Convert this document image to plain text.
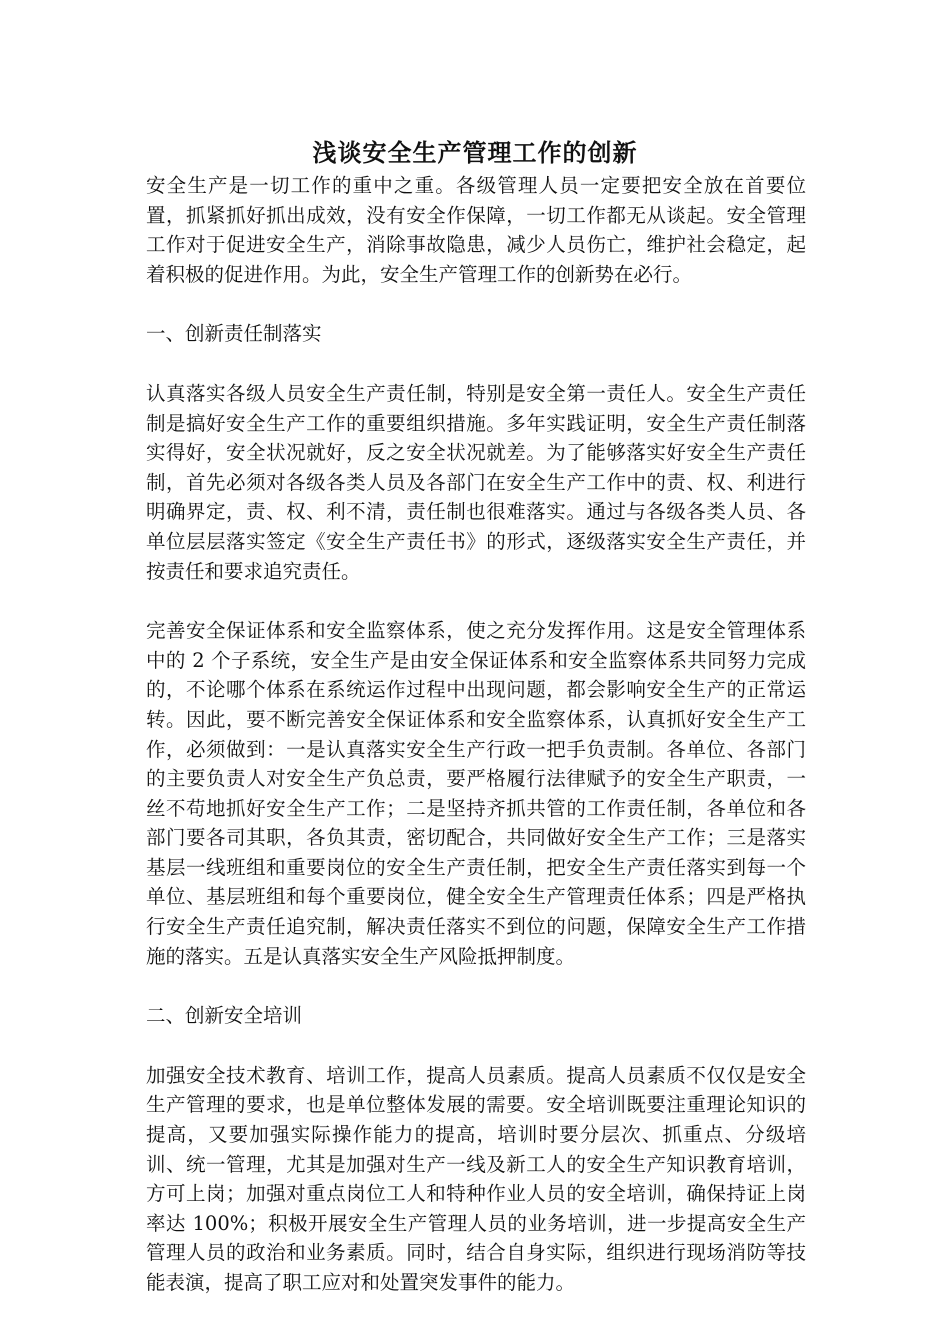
浅谈安全生产管理工作的创新

安全生产是一切工作的重中之重。各级管理人员一定要把安全放在首要位置，抓紧抓好抓出成效，没有安全作保障，一切工作都无从谈起。安全管理工作对于促进安全生产，消除事故隐患，减少人员伤亡，维护社会稳定，起着积极的促进作用。为此，安全生产管理工作的创新势在必行。

一、创新责任制落实

认真落实各级人员安全生产责任制，特别是安全第一责任人。安全生产责任制是搞好安全生产工作的重要组织措施。多年实践证明，安全生产责任制落实得好，安全状况就好，反之安全状况就差。为了能够落实好安全生产责任制，首先必须对各级各类人员及各部门在安全生产工作中的责、权、利进行明确界定，责、权、利不清，责任制也很难落实。通过与各级各类人员、各单位层层落实签定《安全生产责任书》的形式，逐级落实安全生产责任，并按责任和要求追究责任。

完善安全保证体系和安全监察体系，使之充分发挥作用。这是安全管理体系中的 2 个子系统，安全生产是由安全保证体系和安全监察体系共同努力完成的，不论哪个体系在系统运作过程中出现问题，都会影响安全生产的正常运转。因此，要不断完善安全保证体系和安全监察体系，认真抓好安全生产工作，必须做到：一是认真落实安全生产行政一把手负责制。各单位、各部门的主要负责人对安全生产负总责，要严格履行法律赋予的安全生产职责，一丝不苟地抓好安全生产工作；二是坚持齐抓共管的工作责任制，各单位和各部门要各司其职，各负其责，密切配合，共同做好安全生产工作；三是落实基层一线班组和重要岗位的安全生产责任制，把安全生产责任落实到每一个单位、基层班组和每个重要岗位，健全安全生产管理责任体系；四是严格执行安全生产责任追究制，解决责任落实不到位的问题，保障安全生产工作措施的落实。五是认真落实安全生产风险抵押制度。

二、创新安全培训

加强安全技术教育、培训工作，提高人员素质。提高人员素质不仅仅是安全生产管理的要求，也是单位整体发展的需要。安全培训既要注重理论知识的提高，又要加强实际操作能力的提高，培训时要分层次、抓重点、分级培训、统一管理，尤其是加强对生产一线及新工人的安全生产知识教育培训，方可上岗；加强对重点岗位工人和特种作业人员的安全培训，确保持证上岗率达 100%；积极开展安全生产管理人员的业务培训，进一步提高安全生产管理人员的政治和业务素质。同时，结合自身实际，组织进行现场消防等技能表演，提高了职工应对和处置突发事件的能力。
